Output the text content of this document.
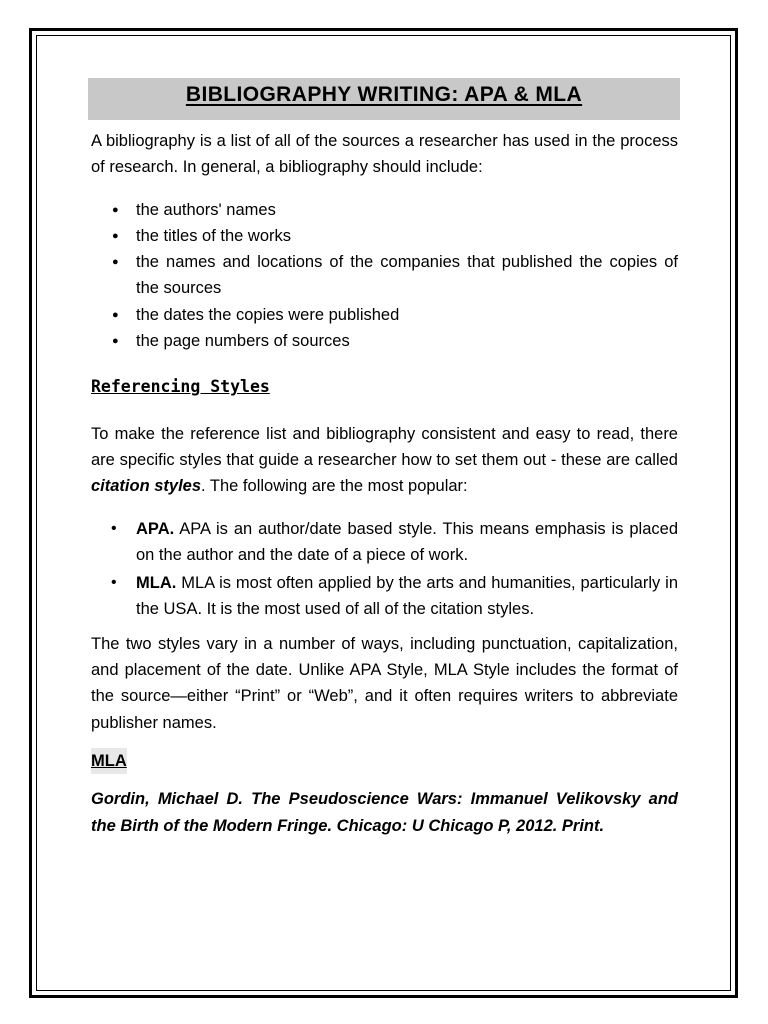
BIBLIOGRAPHY WRITING: APA & MLA

A bibliography is a list of all of the sources a researcher has used in the process of research. In general, a bibliography should include:

● the authors' names
● the titles of the works
● the names and locations of the companies that published the copies of the sources
● the dates the copies were published
● the page numbers of sources

Referencing Styles

To make the reference list and bibliography consistent and easy to read, there are specific styles that guide a researcher how to set them out - these are called citation styles. The following are the most popular:

• APA. APA is an author/date based style. This means emphasis is placed on the author and the date of a piece of work.
• MLA. MLA is most often applied by the arts and humanities, particularly in the USA. It is the most used of all of the citation styles.

The two styles vary in a number of ways, including punctuation, capitalization, and placement of the date. Unlike APA Style, MLA Style includes the format of the source—either “Print” or “Web”, and it often requires writers to abbreviate publisher names.

MLA

Gordin, Michael D. The Pseudoscience Wars: Immanuel Velikovsky and the Birth of the Modern Fringe. Chicago: U Chicago P, 2012. Print.
